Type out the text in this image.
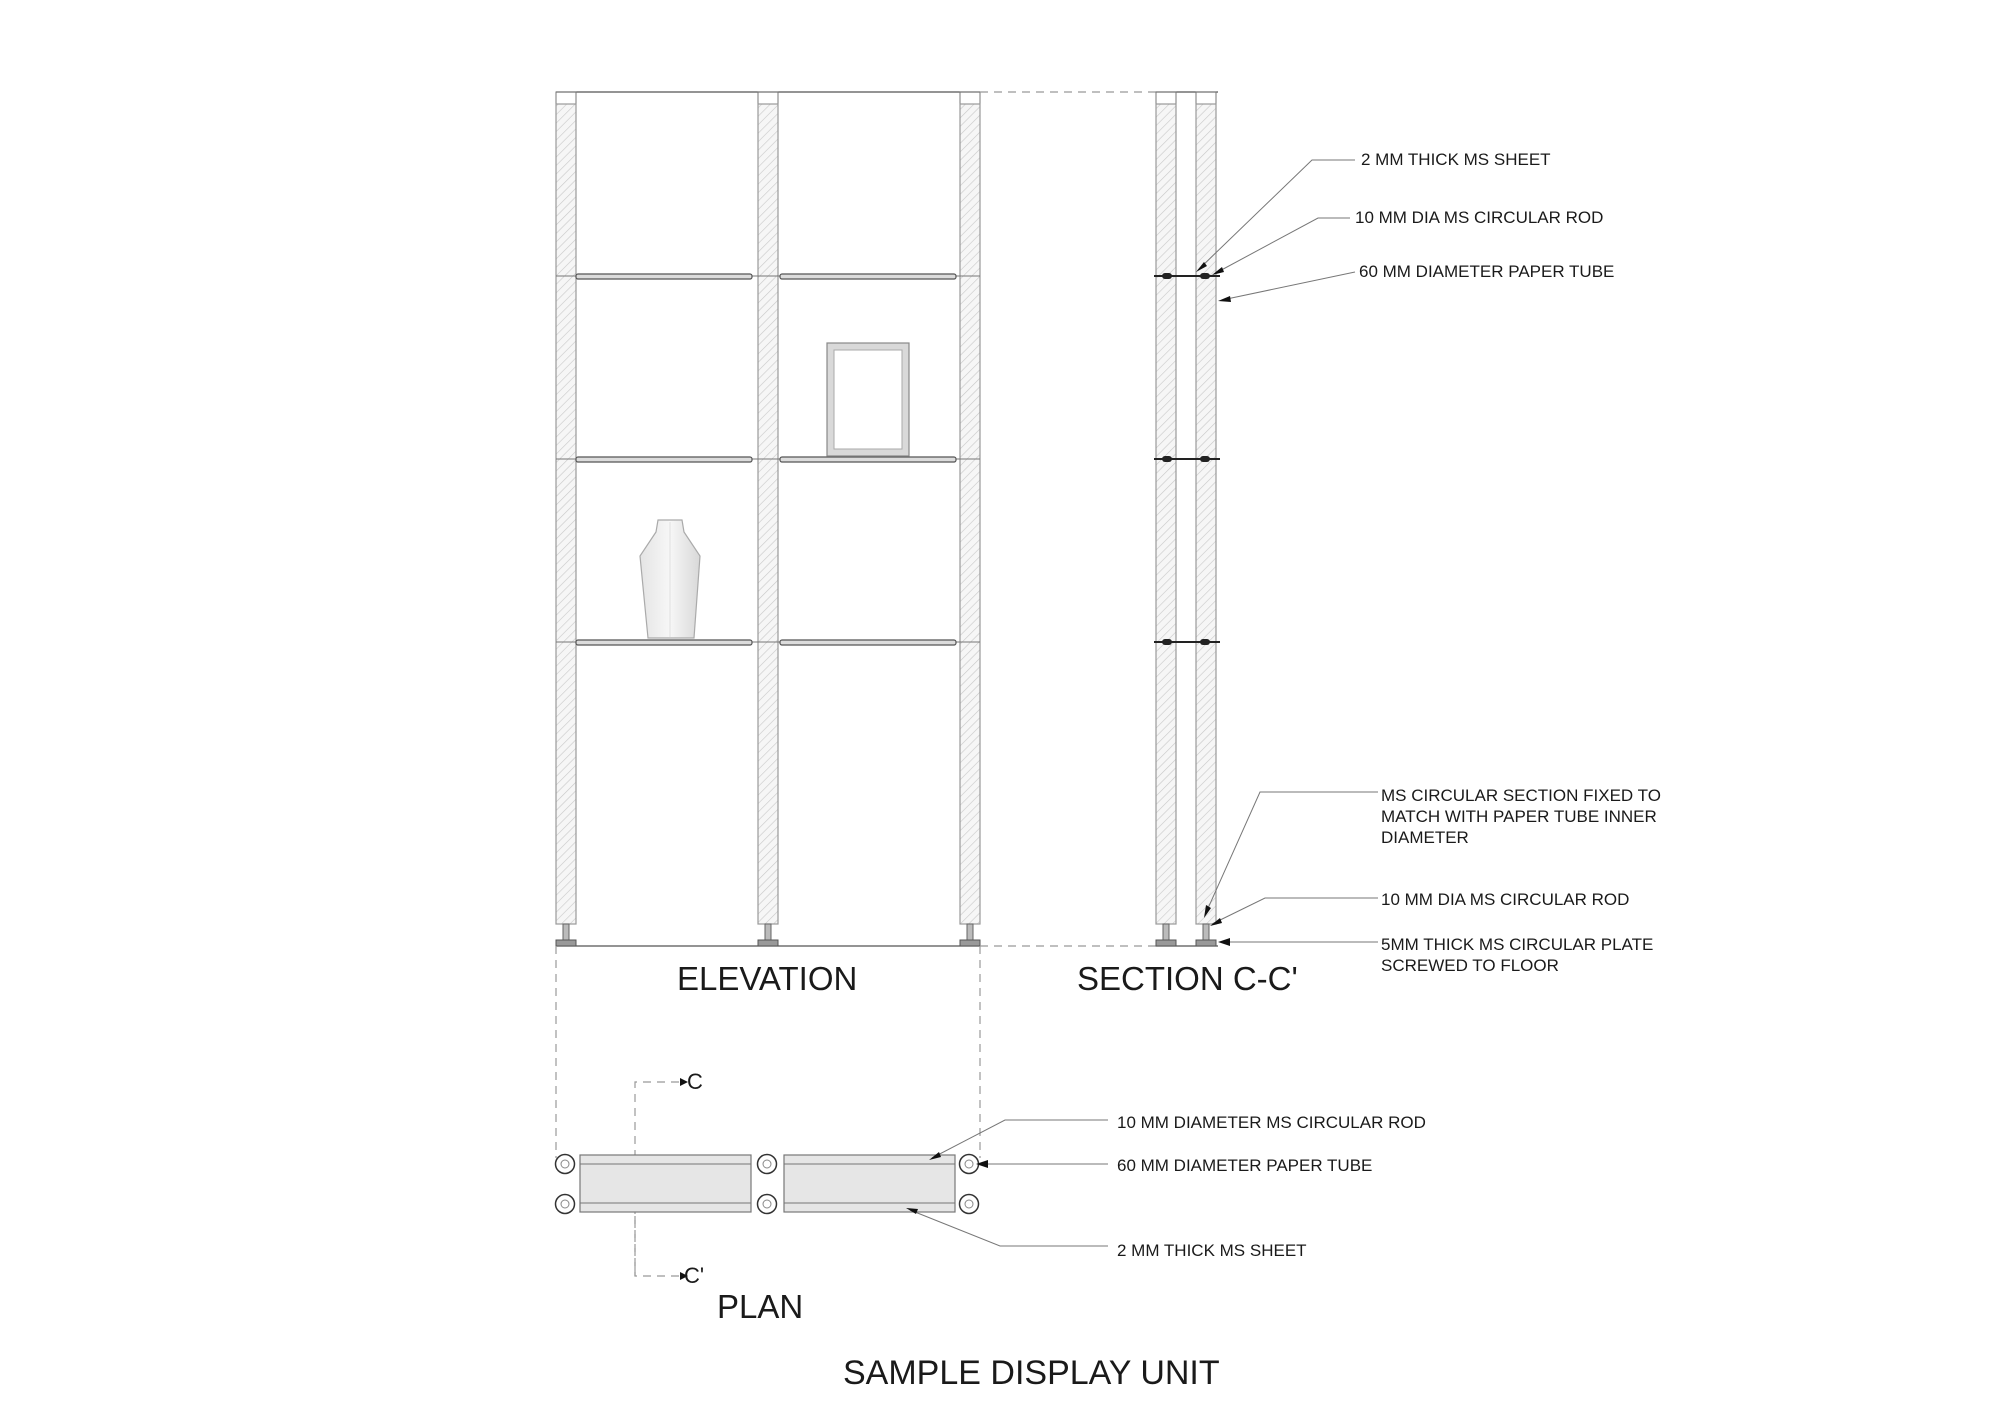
ELEVATION	SECTION C-C'
PLAN
SAMPLE DISPLAY UNIT
C
C'
2 MM THICK MS SHEET
10 MM DIA MS CIRCULAR ROD
60 MM DIAMETER PAPER TUBE
MS CIRCULAR SECTION FIXED TO
MATCH WITH PAPER TUBE INNER
DIAMETER
10 MM DIA MS CIRCULAR ROD
5MM THICK MS CIRCULAR PLATE
SCREWED TO FLOOR
10 MM DIAMETER MS CIRCULAR ROD
60 MM DIAMETER PAPER TUBE
2 MM THICK MS SHEET
